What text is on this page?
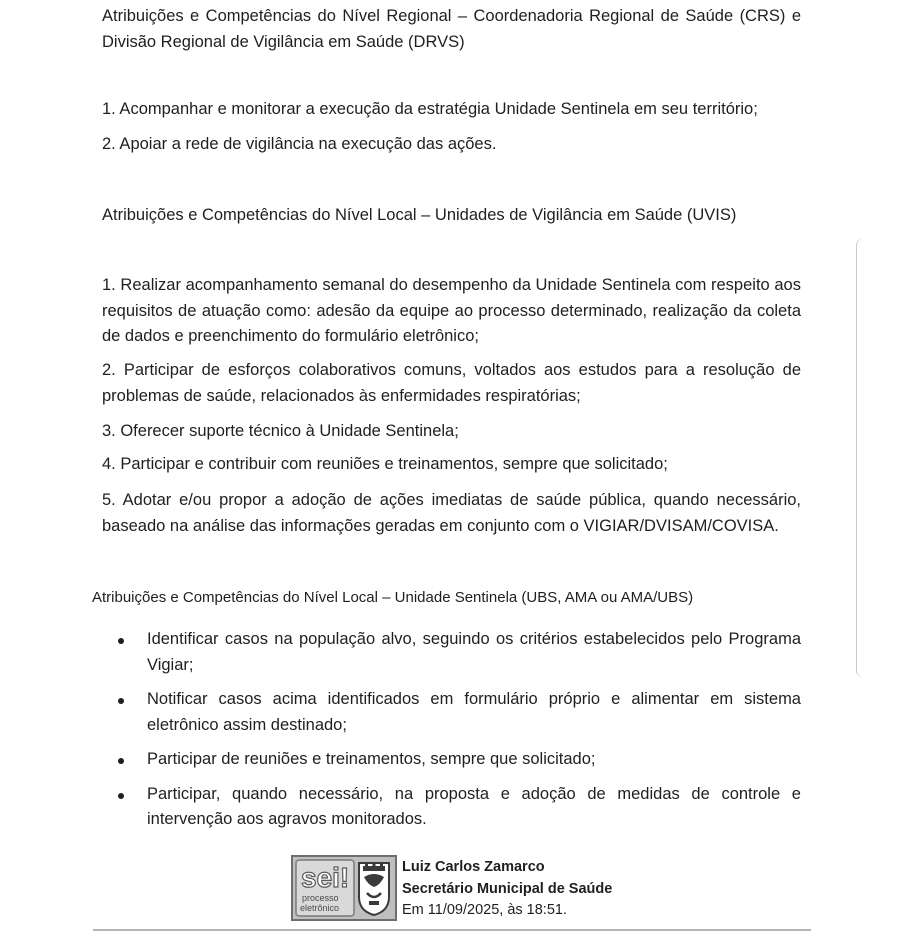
Atribuições e Competências do Nível Regional – Coordenadoria Regional de Saúde (CRS) e Divisão Regional de Vigilância em Saúde (DRVS)

1. Acompanhar e monitorar a execução da estratégia Unidade Sentinela em seu território;

2. Apoiar a rede de vigilância na execução das ações.

Atribuições e Competências do Nível Local – Unidades de Vigilância em Saúde (UVIS)

1. Realizar acompanhamento semanal do desempenho da Unidade Sentinela com respeito aos requisitos de atuação como: adesão da equipe ao processo determinado, realização da coleta de dados e preenchimento do formulário eletrônico;

2. Participar de esforços colaborativos comuns, voltados aos estudos para a resolução de problemas de saúde, relacionados às enfermidades respiratórias;

3. Oferecer suporte técnico à Unidade Sentinela;

4. Participar e contribuir com reuniões e treinamentos, sempre que solicitado;

5. Adotar e/ou propor a adoção de ações imediatas de saúde pública, quando necessário, baseado na análise das informações geradas em conjunto com o VIGIAR/DVISAM/COVISA.

Atribuições e Competências do Nível Local – Unidade Sentinela (UBS, AMA ou AMA/UBS)

Identificar casos na população alvo, seguindo os critérios estabelecidos pelo Programa Vigiar;
Notificar casos acima identificados em formulário próprio e alimentar em sistema eletrônico assim destinado;
Participar de reuniões e treinamentos, sempre que solicitado;
Participar, quando necessário, na proposta e adoção de medidas de controle e intervenção aos agravos monitorados.
sei!
processo
eletrônico
Luiz Carlos Zamarco
Secretário Municipal de Saúde
Em 11/09/2025, às 18:51.
